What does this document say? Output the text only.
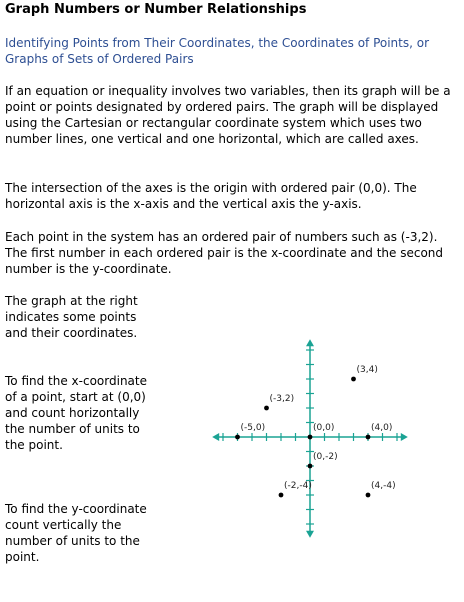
Graph Numbers or Number Relationships

Identifying Points from Their Coordinates, the Coordinates of Points, or Graphs of Sets of Ordered Pairs

If an equation or inequality involves two variables, then its graph will be a point or points designated by ordered pairs. The graph will be displayed using the Cartesian or rectangular coordinate system which uses two number lines, one vertical and one horizontal, which are called axes.

The intersection of the axes is the origin with ordered pair (0,0). The horizontal axis is the x-axis and the vertical axis the y-axis.

Each point in the system has an ordered pair of numbers such as (-3,2). The first number in each ordered pair is the x-coordinate and the second number is the y-coordinate.

The graph at the right indicates some points and their coordinates.

To find the x-coordinate of a point, start at (0,0) and count horizontally the number of units to the point.

To find the y-coordinate count vertically the number of units to the point.

(3,4)
(-3,2)
(-5,0)	(0,0)	(4,0)
(0,-2)
(-2,-4)	(4,-4)
